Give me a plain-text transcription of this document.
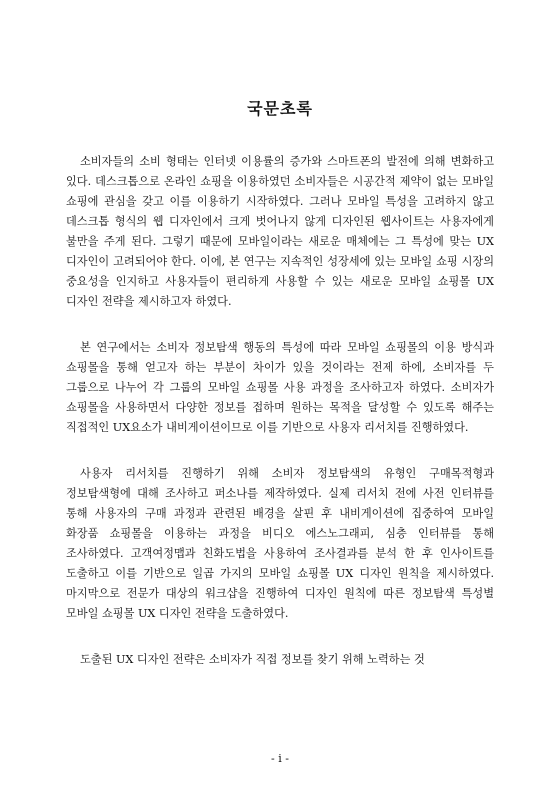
국문초록

소비자들의 소비 형태는 인터넷 이용률의 증가와 스마트폰의 발전에 의해 변화하고 있다. 데스크톱으로 온라인 쇼핑을 이용하였던 소비자들은 시공간적 제약이 없는 모바일 쇼핑에 관심을 갖고 이를 이용하기 시작하였다. 그러나 모바일 특성을 고려하지 않고 데스크톱 형식의 웹 디자인에서 크게 벗어나지 않게 디자인된 웹사이트는 사용자에게 불만을 주게 된다. 그렇기 때문에 모바일이라는 새로운 매체에는 그 특성에 맞는 UX 디자인이 고려되어야 한다. 이에, 본 연구는 지속적인 성장세에 있는 모바일 쇼핑 시장의 중요성을 인지하고 사용자들이 편리하게 사용할 수 있는 새로운 모바일 쇼핑몰 UX 디자인 전략을 제시하고자 하였다.

본 연구에서는 소비자 정보탐색 행동의 특성에 따라 모바일 쇼핑몰의 이용 방식과 쇼핑몰을 통해 얻고자 하는 부분이 차이가 있을 것이라는 전제 하에, 소비자를 두 그룹으로 나누어 각 그룹의 모바일 쇼핑몰 사용 과정을 조사하고자 하였다. 소비자가 쇼핑몰을 사용하면서 다양한 정보를 접하며 원하는 목적을 달성할 수 있도록 해주는 직접적인 UX요소가 내비게이션이므로 이를 기반으로 사용자 리서치를 진행하였다.

사용자 리서치를 진행하기 위해 소비자 정보탐색의 유형인 구매목적형과 정보탐색형에 대해 조사하고 퍼소나를 제작하였다. 실제 리서치 전에 사전 인터뷰를 통해 사용자의 구매 과정과 관련된 배경을 살핀 후 내비게이션에 집중하여 모바일 화장품 쇼핑몰을 이용하는 과정을 비디오 에스노그래피, 심층 인터뷰를 통해 조사하였다. 고객여정맵과 친화도법을 사용하여 조사결과를 분석 한 후 인사이트를 도출하고 이를 기반으로 일곱 가지의 모바일 쇼핑몰 UX 디자인 원칙을 제시하였다. 마지막으로 전문가 대상의 워크샵을 진행하여 디자인 원칙에 따른 정보탐색 특성별 모바일 쇼핑몰 UX 디자인 전략을 도출하였다.

도출된 UX 디자인 전략은 소비자가 직접 정보를 찾기 위해 노력하는 것

- i -
